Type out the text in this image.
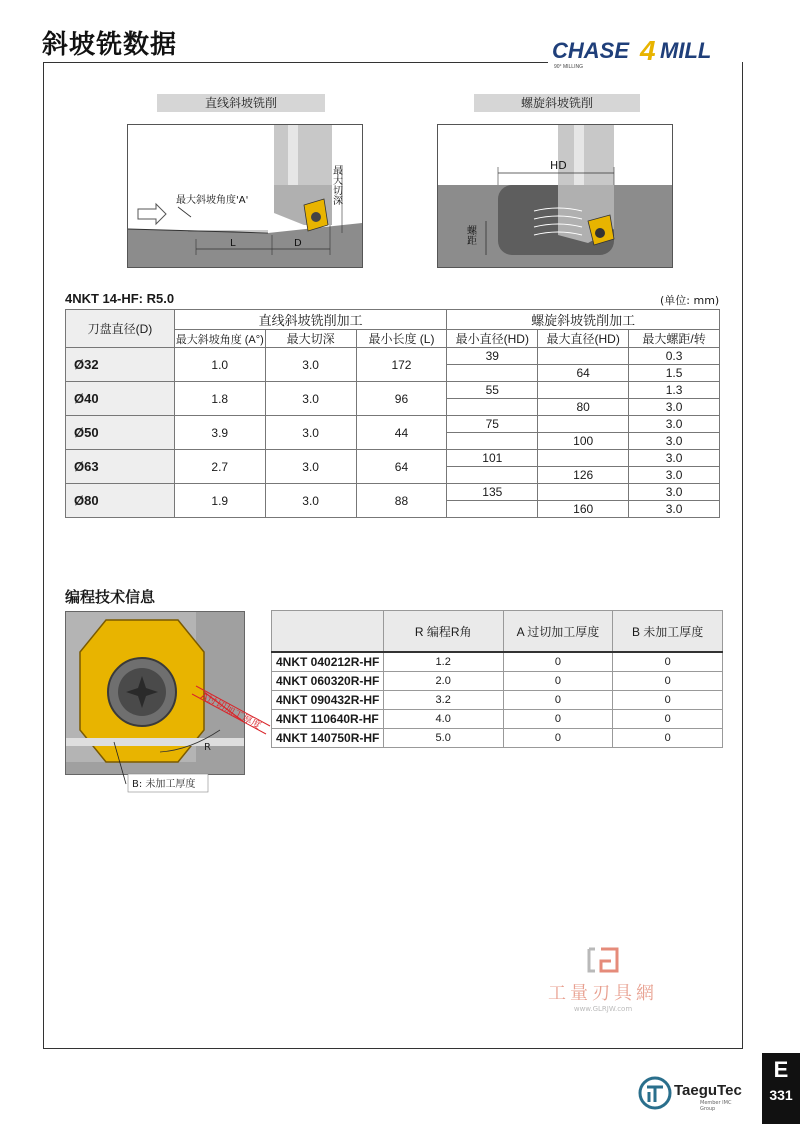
斜坡铣数据	CHASE 4 MILL
90° MILLING
直线斜坡铣削
最大斜坡角度'A'
L	D
最大切深
螺旋斜坡铣削
HD
螺距
4NKT 14-HF: R5.0	(单位: mm)
刀盘直径(D)	直线斜坡铣削加工			螺旋斜坡铣削加工		
	最大斜坡角度 (A°)	最大切深	最小长度 (L)	最小直径(HD)	最大直径(HD)	最大螺距/转
Ø32	1.0	3.0	172	39		0.3
					64	1.5
Ø40	1.8	3.0	96	55		1.3
					80	3.0
Ø50	3.9	3.0	44	75		3.0
					100	3.0
Ø63	2.7	3.0	64	101		3.0
					126	3.0
Ø80	1.9	3.0	88	135		3.0
					160	3.0
编程技术信息
A过切加工厚度
R
B: 未加工厚度
	R 编程R角	A 过切加工厚度	B 未加工厚度
4NKT 040212R-HF	1.2	0	0
4NKT 060320R-HF	2.0	0	0
4NKT 090432R-HF	3.2	0	0
4NKT 110640R-HF	4.0	0	0
4NKT 140750R-HF	5.0	0	0
工量刃具網
www.GLRJW.com
TaeguTec
Member IMC Group
E
331
